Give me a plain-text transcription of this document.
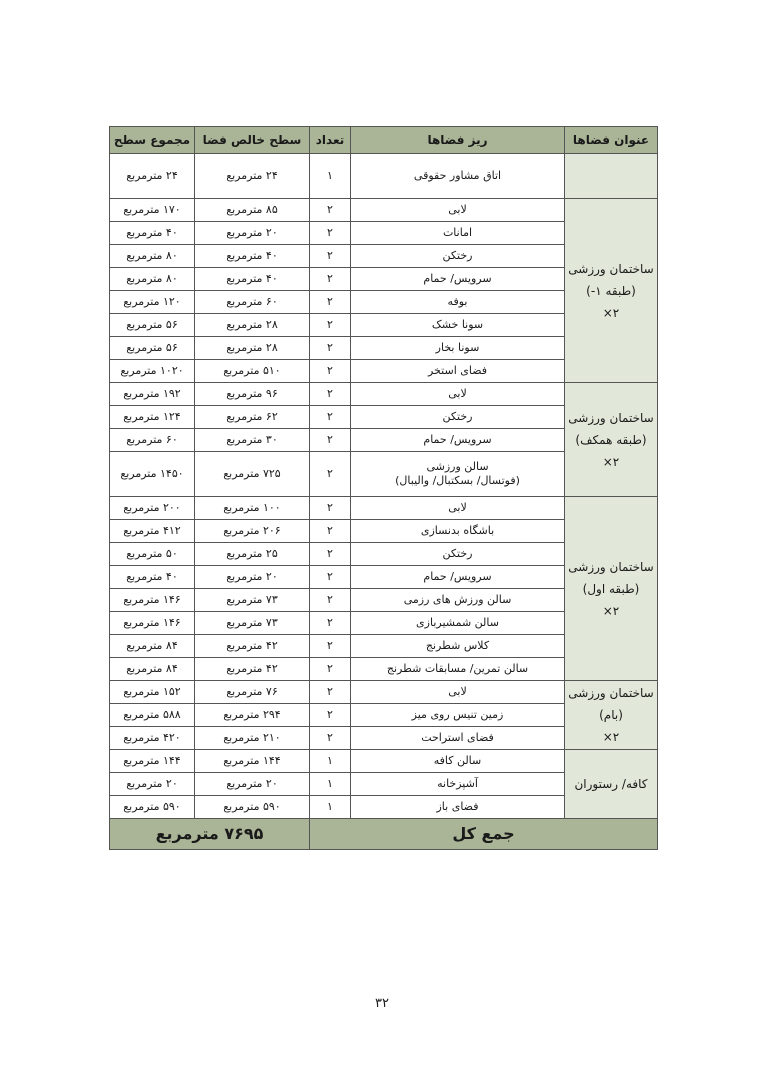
عنوان فضاها	ریز فضاها	تعداد	سطح خالص فضا	مجموع سطح

	اتاق مشاور حقوقی	۱	۲۴ مترمربع	۲۴ مترمربع
ساختمان ورزشی
(طبقه ۱-)
۲×	لابی	۲	۸۵ مترمربع	۱۷۰ مترمربع
	امانات	۲	۲۰ مترمربع	۴۰ مترمربع
	رختکن	۲	۴۰ مترمربع	۸۰ مترمربع
	سرویس/ حمام	۲	۴۰ مترمربع	۸۰ مترمربع
	بوفه	۲	۶۰ مترمربع	۱۲۰ مترمربع
	سونا خشک	۲	۲۸ مترمربع	۵۶ مترمربع
	سونا بخار	۲	۲۸ مترمربع	۵۶ مترمربع
	فضای استخر	۲	۵۱۰ مترمربع	۱۰۲۰ مترمربع
ساختمان ورزشی
(طبقه همکف)
۲×	لابی	۲	۹۶ مترمربع	۱۹۲ مترمربع
	رختکن	۲	۶۲ مترمربع	۱۲۴ مترمربع
	سرویس/ حمام	۲	۳۰ مترمربع	۶۰ مترمربع
	سالن ورزشی
(فوتسال/ بسکتبال/ والیبال)	۲	۷۲۵ مترمربع	۱۴۵۰ مترمربع
ساختمان ورزشی
(طبقه اول)
۲×	لابی	۲	۱۰۰ مترمربع	۲۰۰ مترمربع
	باشگاه بدنسازی	۲	۲۰۶ مترمربع	۴۱۲ مترمربع
	رختکن	۲	۲۵ مترمربع	۵۰ مترمربع
	سرویس/ حمام	۲	۲۰ مترمربع	۴۰ مترمربع
	سالن ورزش های رزمی	۲	۷۳ مترمربع	۱۴۶ مترمربع
	سالن شمشیربازی	۲	۷۳ مترمربع	۱۴۶ مترمربع
	کلاس شطرنج	۲	۴۲ مترمربع	۸۴ مترمربع
	سالن تمرین/ مسابقات شطرنج	۲	۴۲ مترمربع	۸۴ مترمربع
ساختمان ورزشی
(بام)
۲×	لابی	۲	۷۶ مترمربع	۱۵۲ مترمربع
	زمین تنیس روی میز	۲	۲۹۴ مترمربع	۵۸۸ مترمربع
	فضای استراحت	۲	۲۱۰ مترمربع	۴۲۰ مترمربع
کافه/ رستوران	سالن کافه	۱	۱۴۴ مترمربع	۱۴۴ مترمربع
	آشپزخانه	۱	۲۰ مترمربع	۲۰ مترمربع
	فضای باز	۱	۵۹۰ مترمربع	۵۹۰ مترمربع
جمع کل			۷۶۹۵ مترمربع	
۳۲
